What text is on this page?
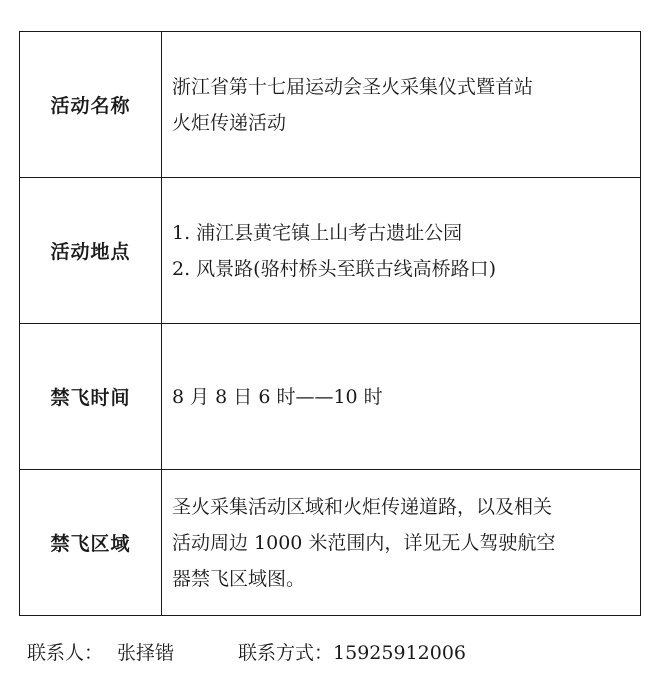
活动名称	浙江省第十七届运动会圣火采集仪式暨首站
火炬传递活动

活动地点	1. 浦江县黄宅镇上山考古遗址公园
2. 风景路(骆村桥头至联古线高桥路口)

禁飞时间	8 月 8 日 6 时——10 时

禁飞区域	圣火采集活动区域和火炬传递道路，以及相关
活动周边 1000 米范围内，详见无人驾驶航空
器禁飞区域图。
联系人： 张择锴	联系方式：15925912006
